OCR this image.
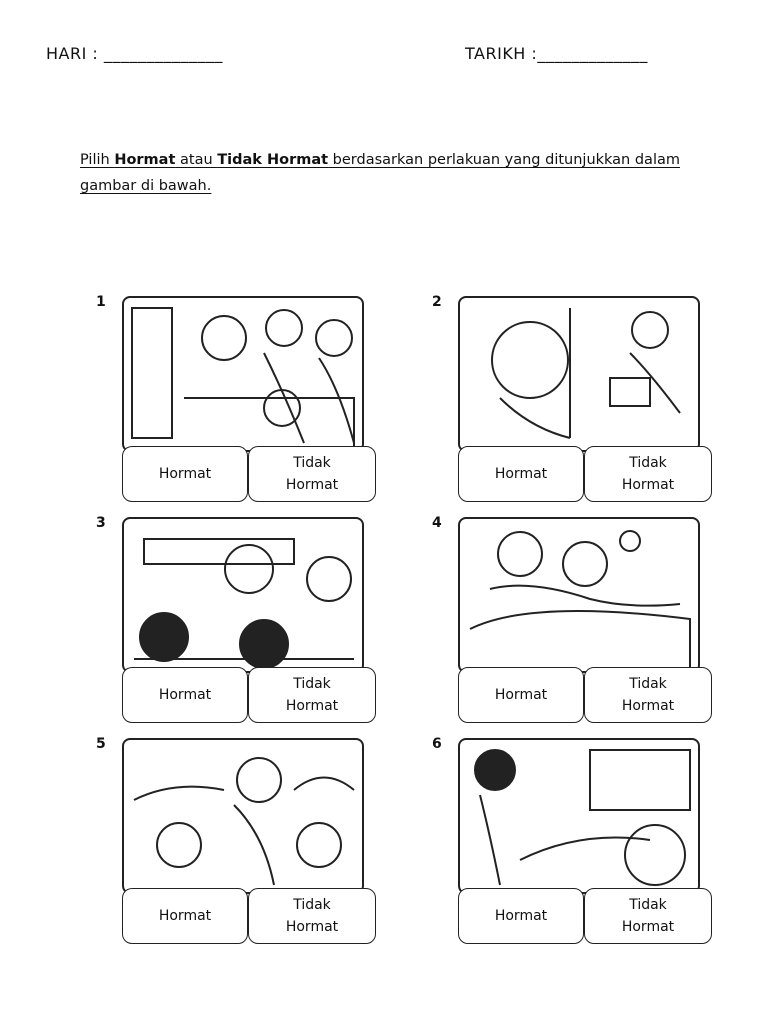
HARI : ______________	TARIKH :_____________
Pilih Hormat atau Tidak Hormat berdasarkan perlakuan yang ditunjukkan dalam
gambar di bawah.
1
Hormat
Tidak
Hormat
2
Hormat
Tidak
Hormat
3
Hormat
Tidak
Hormat
4
Hormat
Tidak
Hormat
5
Hormat
Tidak
Hormat
6
Hormat
Tidak
Hormat
